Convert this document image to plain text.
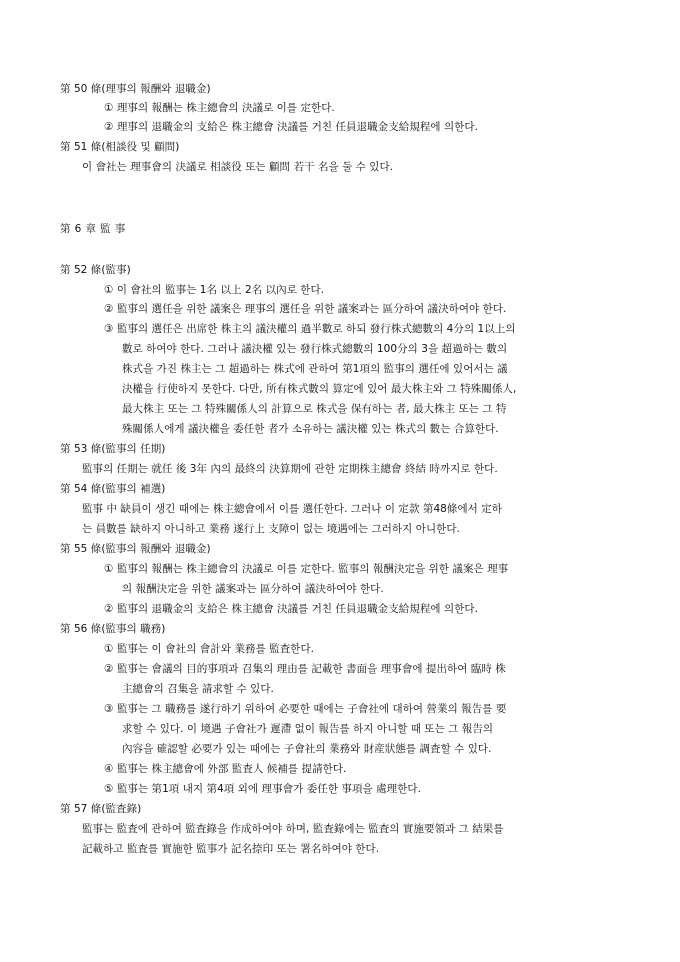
第 50 條(理事의 報酬와 退職金)
① 理事의 報酬는 株主總會의 決議로 이를 定한다.
② 理事의 退職金의 支給은 株主總會 決議를 거친 任員退職金支給規程에 의한다.
第 51 條(相談役 및 顧問)
이 會社는 理事會의 決議로 相談役 또는 顧問 若干 名을 둘 수 있다.
第 6 章 監 事
第 52 條(監事)
① 이 會社의 監事는 1名 以上 2名 以內로 한다.
② 監事의 選任을 위한 議案은 理事의 選任을 위한 議案과는 區分하여 議決하여야 한다.
③ 監事의 選任은 出席한 株主의 議決權의 過半數로 하되 發行株式總數의 4分의 1以上의
數로 하여야 한다. 그러나 議決權 있는 發行株式總數의 100分의 3을 超過하는 數의
株式을 가진 株主는 그 超過하는 株式에 관하여 第1項의 監事의 選任에 있어서는 議
決權을 行使하지 못한다. 다만, 所有株式數의 算定에 있어 最大株主와 그 特殊關係人,
最大株主 또는 그 特殊關係人의 計算으로 株式을 保有하는 者, 最大株主 또는 그 特
殊關係人에게 議決權을 委任한 者가 소유하는 議決權 있는 株式의 數는 合算한다.
第 53 條(監事의 任期)
監事의 任期는 就任 後 3年 內의 最終의 決算期에 관한 定期株主總會 終結 時까지로 한다.
第 54 條(監事의 補選)
監事 中 缺員이 생긴 때에는 株主總會에서 이를 選任한다. 그러나 이 定款 第48條에서 定하
는 員數를 缺하지 아니하고 業務 遂行上 支障이 없는 境遇에는 그러하지 아니한다.
第 55 條(監事의 報酬와 退職金)
① 監事의 報酬는 株主總會의 決議로 이를 定한다. 監事의 報酬決定을 위한 議案은 理事
의 報酬決定을 위한 議案과는 區分하여 議決하여야 한다.
② 監事의 退職金의 支給은 株主總會 決議를 거친 任員退職金支給規程에 의한다.
第 56 條(監事의 職務)
① 監事는 이 會社의 會計와 業務를 監査한다.
② 監事는 會議의 目的事項과 召集의 理由를 記載한 書面을 理事會에 提出하여 臨時 株
主總會의 召集을 請求할 수 있다.
③ 監事는 그 職務를 遂行하기 위하여 必要한 때에는 子會社에 대하여 營業의 報告를 要
求할 수 있다. 이 境遇 子會社가 遲滯 없이 報告를 하지 아니할 때 또는 그 報告의
內容을 確認할 必要가 있는 때에는 子會社의 業務와 財産狀態를 調査할 수 있다.
④ 監事는 株主總會에 外部 監査人 候補를 提請한다.
⑤ 監事는 第1項 내지 第4項 외에 理事會가 委任한 事項을 處理한다.
第 57 條(監査錄)
監事는 監査에 관하여 監査錄을 作成하여야 하며, 監査錄에는 監査의 實施要領과 그 結果를
記載하고 監査를 實施한 監事가 記名捺印 또는 署名하여야 한다.
